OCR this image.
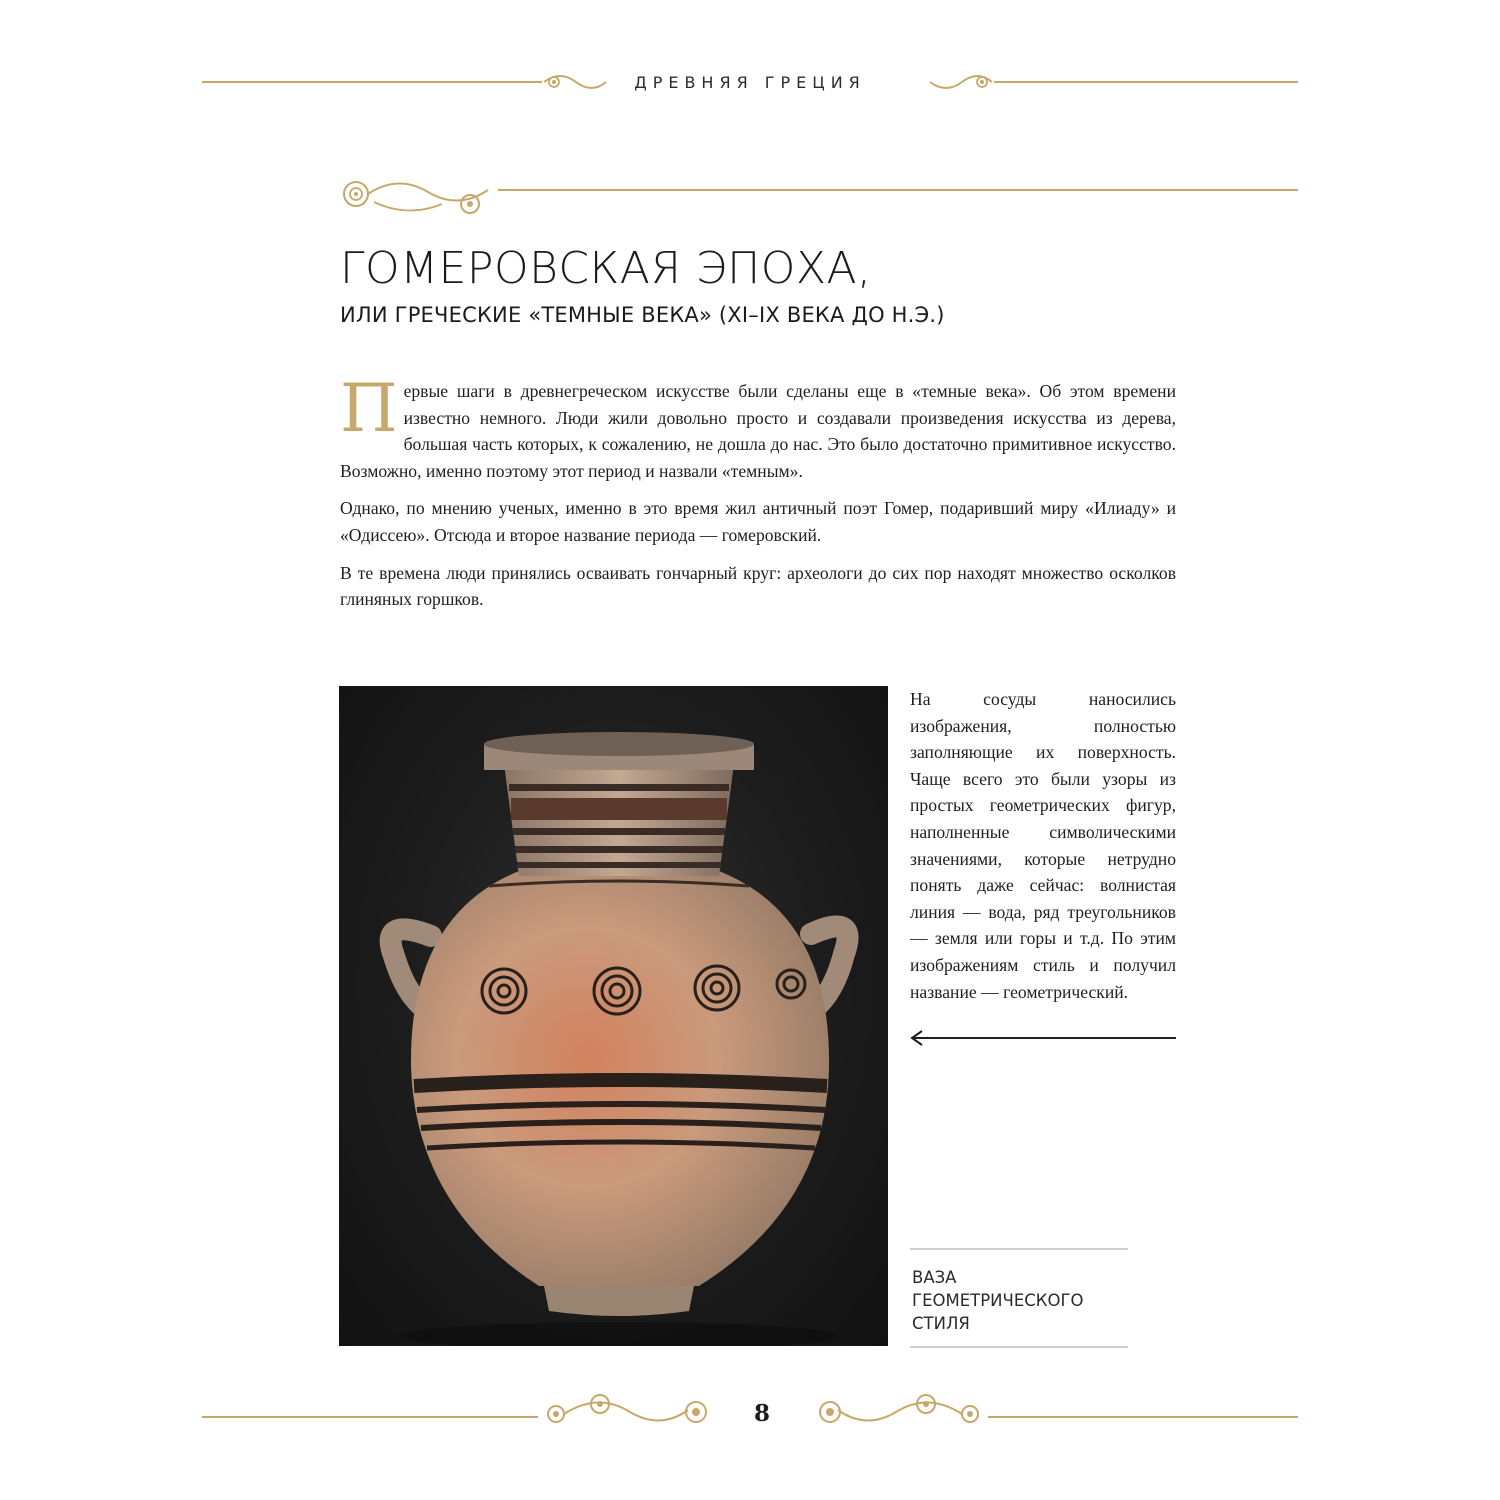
ДРЕВНЯЯ ГРЕЦИЯ
ГОМЕРОВСКАЯ ЭПОХА,
ИЛИ ГРЕЧЕСКИЕ «ТЕМНЫЕ ВЕКА» (XI–IX ВЕКА ДО Н.Э.)

Первые шаги в древнегреческом искусстве были сделаны еще в «темные века». Об этом времени известно немного. Люди жили довольно просто и создавали произведения искусства из дерева, большая часть которых, к сожалению, не дошла до нас. Это было достаточно примитивное искусство. Возможно, именно поэтому этот период и назвали «темным».

Однако, по мнению ученых, именно в это время жил античный поэт Гомер, подаривший миру «Илиаду» и «Одиссею». Отсюда и второе название периода — гомеровский.

В те времена люди принялись осваивать гончарный круг: археологи до сих пор находят множество осколков глиняных горшков.

На сосуды наносились изображения, полностью заполняющие их поверхность. Чаще всего это были узоры из простых геометрических фигур, наполненные символическими значениями, которые нетрудно понять даже сейчас: волнистая линия — вода, ряд треугольников — земля или горы и т.д. По этим изображениям стиль и получил название — геометрический.
ВАЗА
ГЕОМЕТРИЧЕСКОГО
СТИЛЯ
8
